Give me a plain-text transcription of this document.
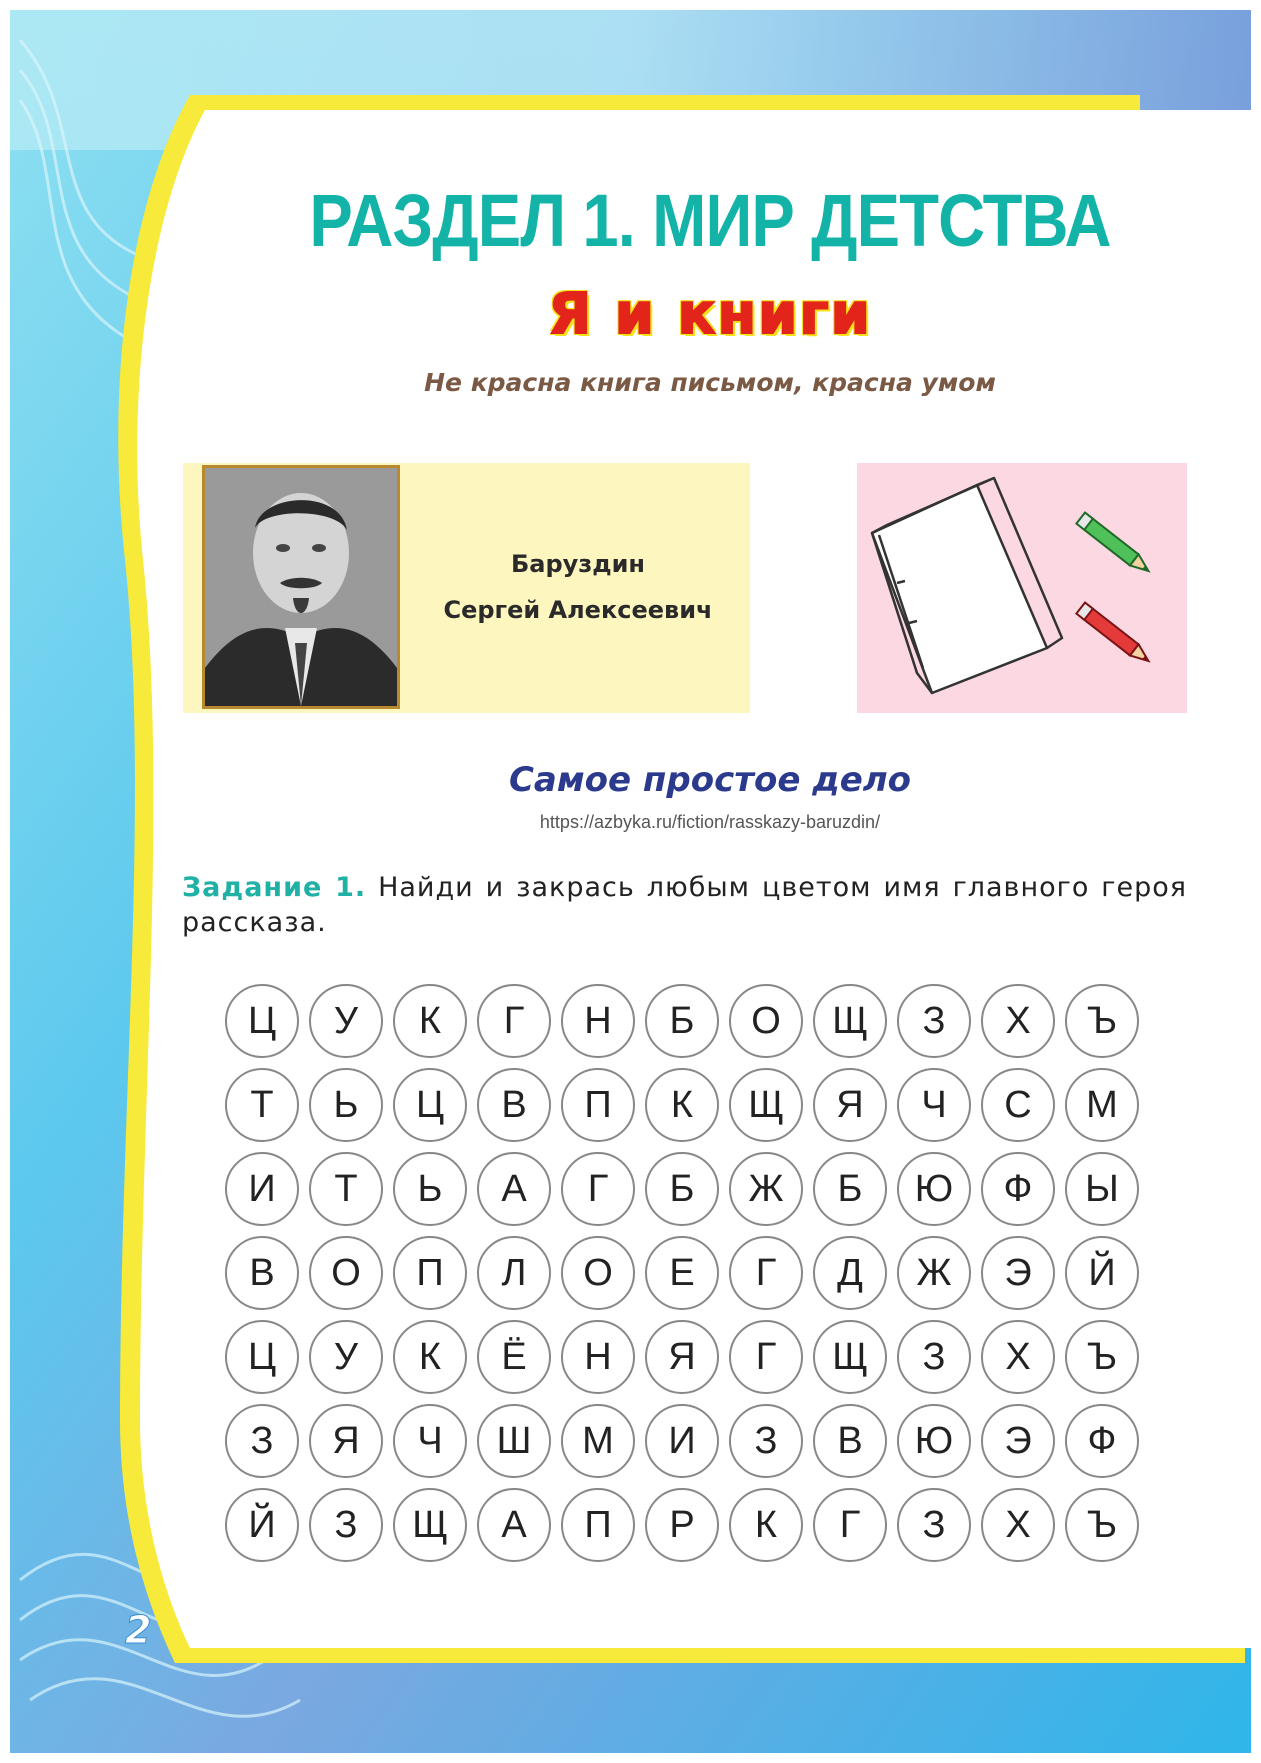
РАЗДЕЛ 1. МИР ДЕТСТВА
Я и книги
Не красна книга письмом, красна умом
Баруздин
Сергей Алексеевич
Самое простое дело
https://azbyka.ru/fiction/rasskazy-baruzdin/
Задание 1. Найди и закрась любым цветом имя главного героя рассказа.
Ц	У	К	Г	Н	Б	О	Щ	З	Х	Ъ
Т	Ь	Ц	В	П	К	Щ	Я	Ч	С	М
И	Т	Ь	А	Г	Б	Ж	Б	Ю	Ф	Ы
В	О	П	Л	О	Е	Г	Д	Ж	Э	Й
Ц	У	К	Ё	Н	Я	Г	Щ	З	Х	Ъ
З	Я	Ч	Ш	М	И	З	В	Ю	Э	Ф
Й	З	Щ	А	П	Р	К	Г	З	Х	Ъ
2
